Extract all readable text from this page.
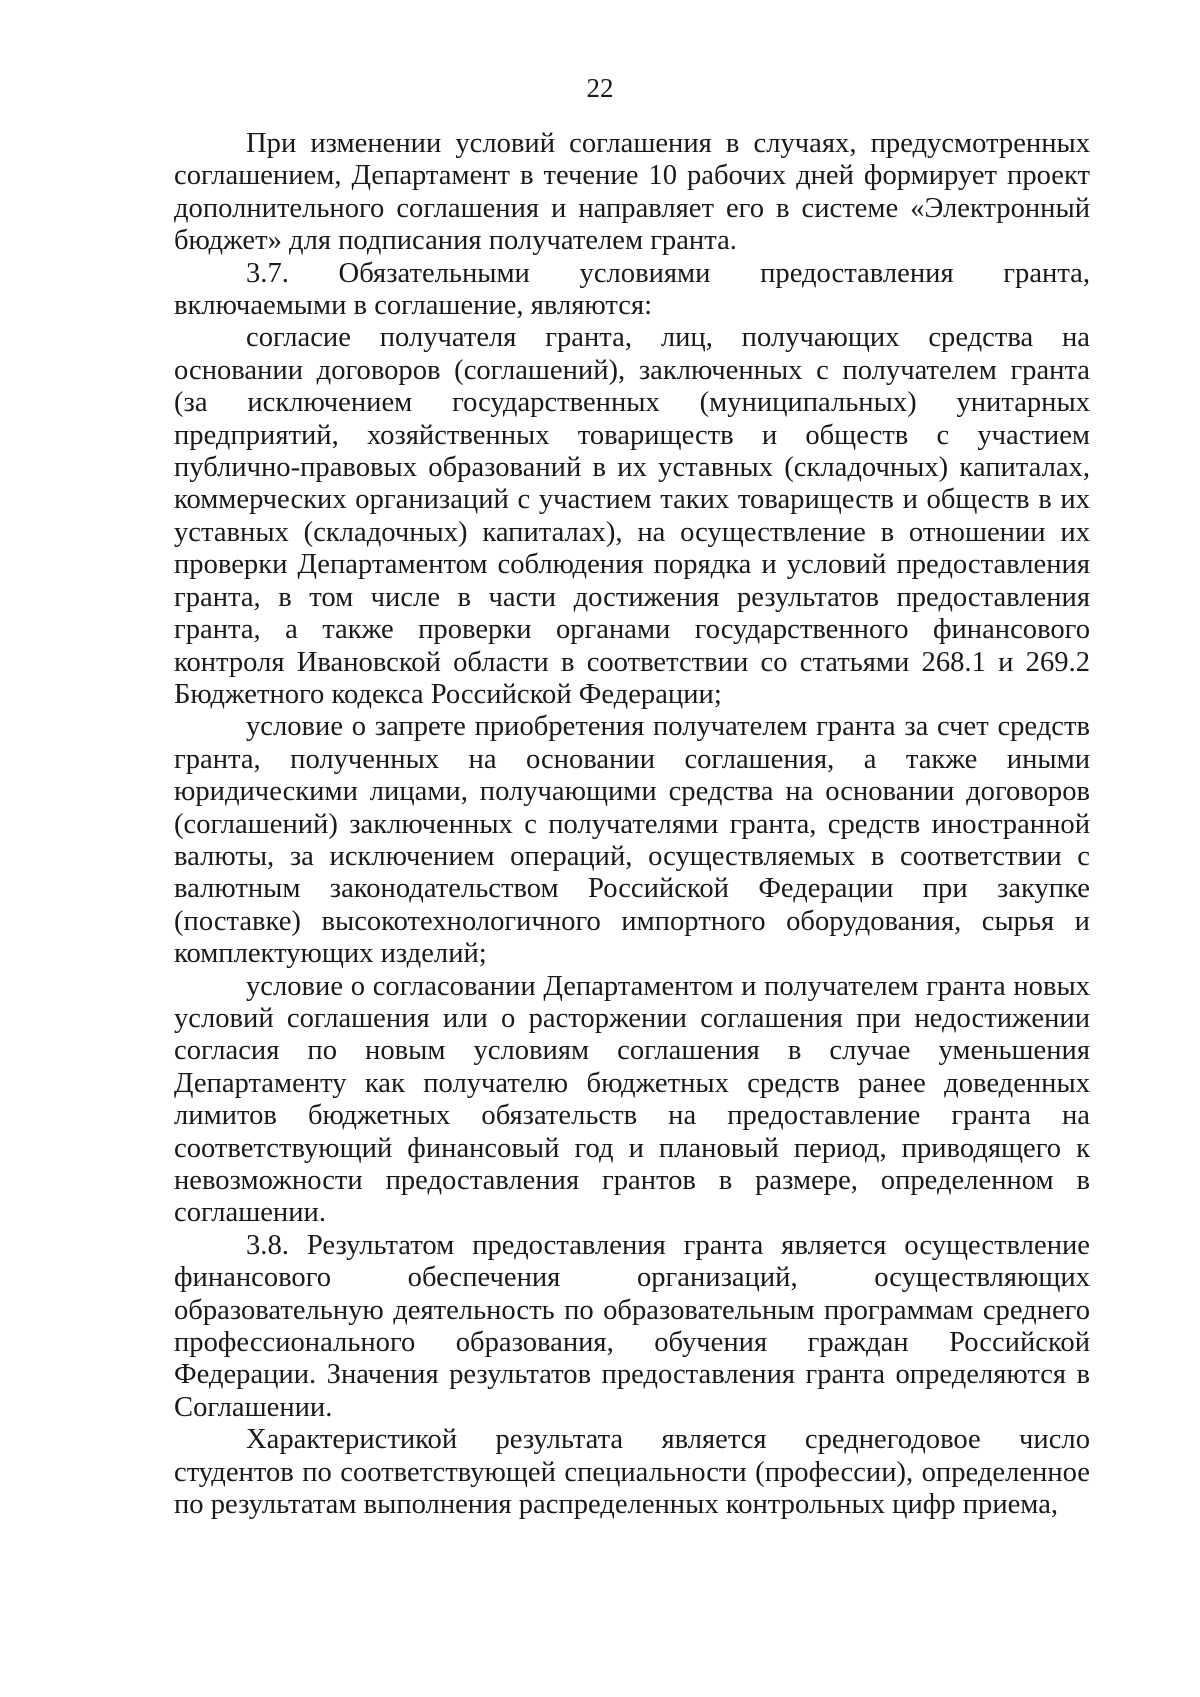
22

При изменении условий соглашения в случаях, предусмотренных соглашением, Департамент в течение 10 рабочих дней формирует проект дополнительного соглашения и направляет его в системе «Электронный бюджет» для подписания получателем гранта.

3.7. Обязательными условиями предоставления гранта, включаемыми в соглашение, являются:

согласие получателя гранта, лиц, получающих средства на основании договоров (соглашений), заключенных с получателем гранта (за исключением государственных (муниципальных) унитарных предприятий, хозяйственных товариществ и обществ с участием публично-правовых образований в их уставных (складочных) капиталах, коммерческих организаций с участием таких товариществ и обществ в их уставных (складочных) капиталах), на осуществление в отношении их проверки Департаментом соблюдения порядка и условий предоставления гранта, в том числе в части достижения результатов предоставления гранта, а также проверки органами государственного финансового контроля Ивановской области в соответствии со статьями 268.1 и 269.2 Бюджетного кодекса Российской Федерации;

условие о запрете приобретения получателем гранта за счет средств гранта, полученных на основании соглашения, а также иными юридическими лицами, получающими средства на основании договоров (соглашений) заключенных с получателями гранта, средств иностранной валюты, за исключением операций, осуществляемых в соответствии с валютным законодательством Российской Федерации при закупке (поставке) высокотехнологичного импортного оборудования, сырья и комплектующих изделий;

условие о согласовании Департаментом и получателем гранта новых условий соглашения или о расторжении соглашения при недостижении согласия по новым условиям соглашения в случае уменьшения Департаменту как получателю бюджетных средств ранее доведенных лимитов бюджетных обязательств на предоставление гранта на соответствующий финансовый год и плановый период, приводящего к невозможности предоставления грантов в размере, определенном в соглашении.

3.8. Результатом предоставления гранта является осуществление финансового обеспечения организаций, осуществляющих образовательную деятельность по образовательным программам среднего профессионального образования, обучения граждан Российской Федерации. Значения результатов предоставления гранта определяются в Соглашении.

Характеристикой результата является среднегодовое число студентов по соответствующей специальности (профессии), определенное по результатам выполнения распределенных контрольных цифр приема,
